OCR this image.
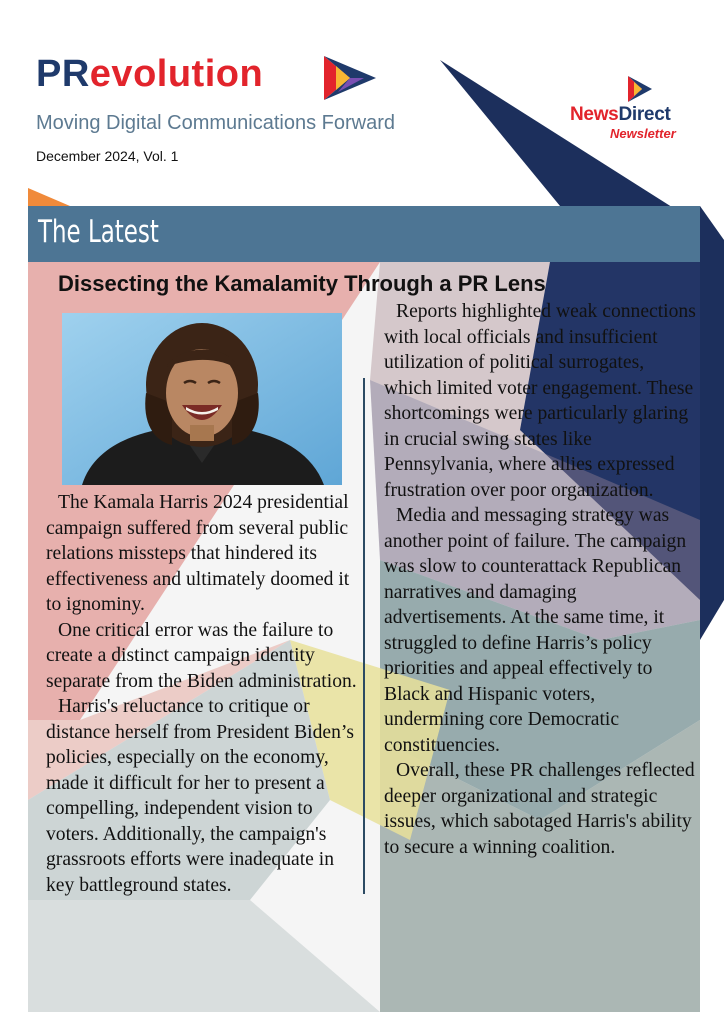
PRevolution
Moving Digital Communications Forward
December 2024, Vol. 1
NewsDirect
Newsletter
The Latest
Dissecting the Kamalamity Through a PR Lens

The Kamala Harris 2024 presidential campaign suffered from several public relations missteps that hindered its effectiveness and ultimately doomed it to ignominy.

One critical error was the failure to create a distinct campaign identity separate from the Biden administration.

Harris's reluctance to critique or distance herself from President Biden’s policies, especially on the economy, made it difficult for her to present a compelling, independent vision to voters. Additionally, the campaign's grassroots efforts were inadequate in key battleground states.

Reports highlighted weak connections with local officials and insufficient utilization of political surrogates, which limited voter engagement. These shortcomings were particularly glaring in crucial swing states like Pennsylvania, where allies expressed frustration over poor organization.

Media and messaging strategy was another point of failure. The campaign was slow to counterattack Republican narratives and damaging advertisements. At the same time, it struggled to define Harris’s policy priorities and appeal effectively to Black and Hispanic voters, undermining core Democratic constituencies.

Overall, these PR challenges reflected deeper organizational and strategic issues, which sabotaged Harris's ability to secure a winning coalition.
